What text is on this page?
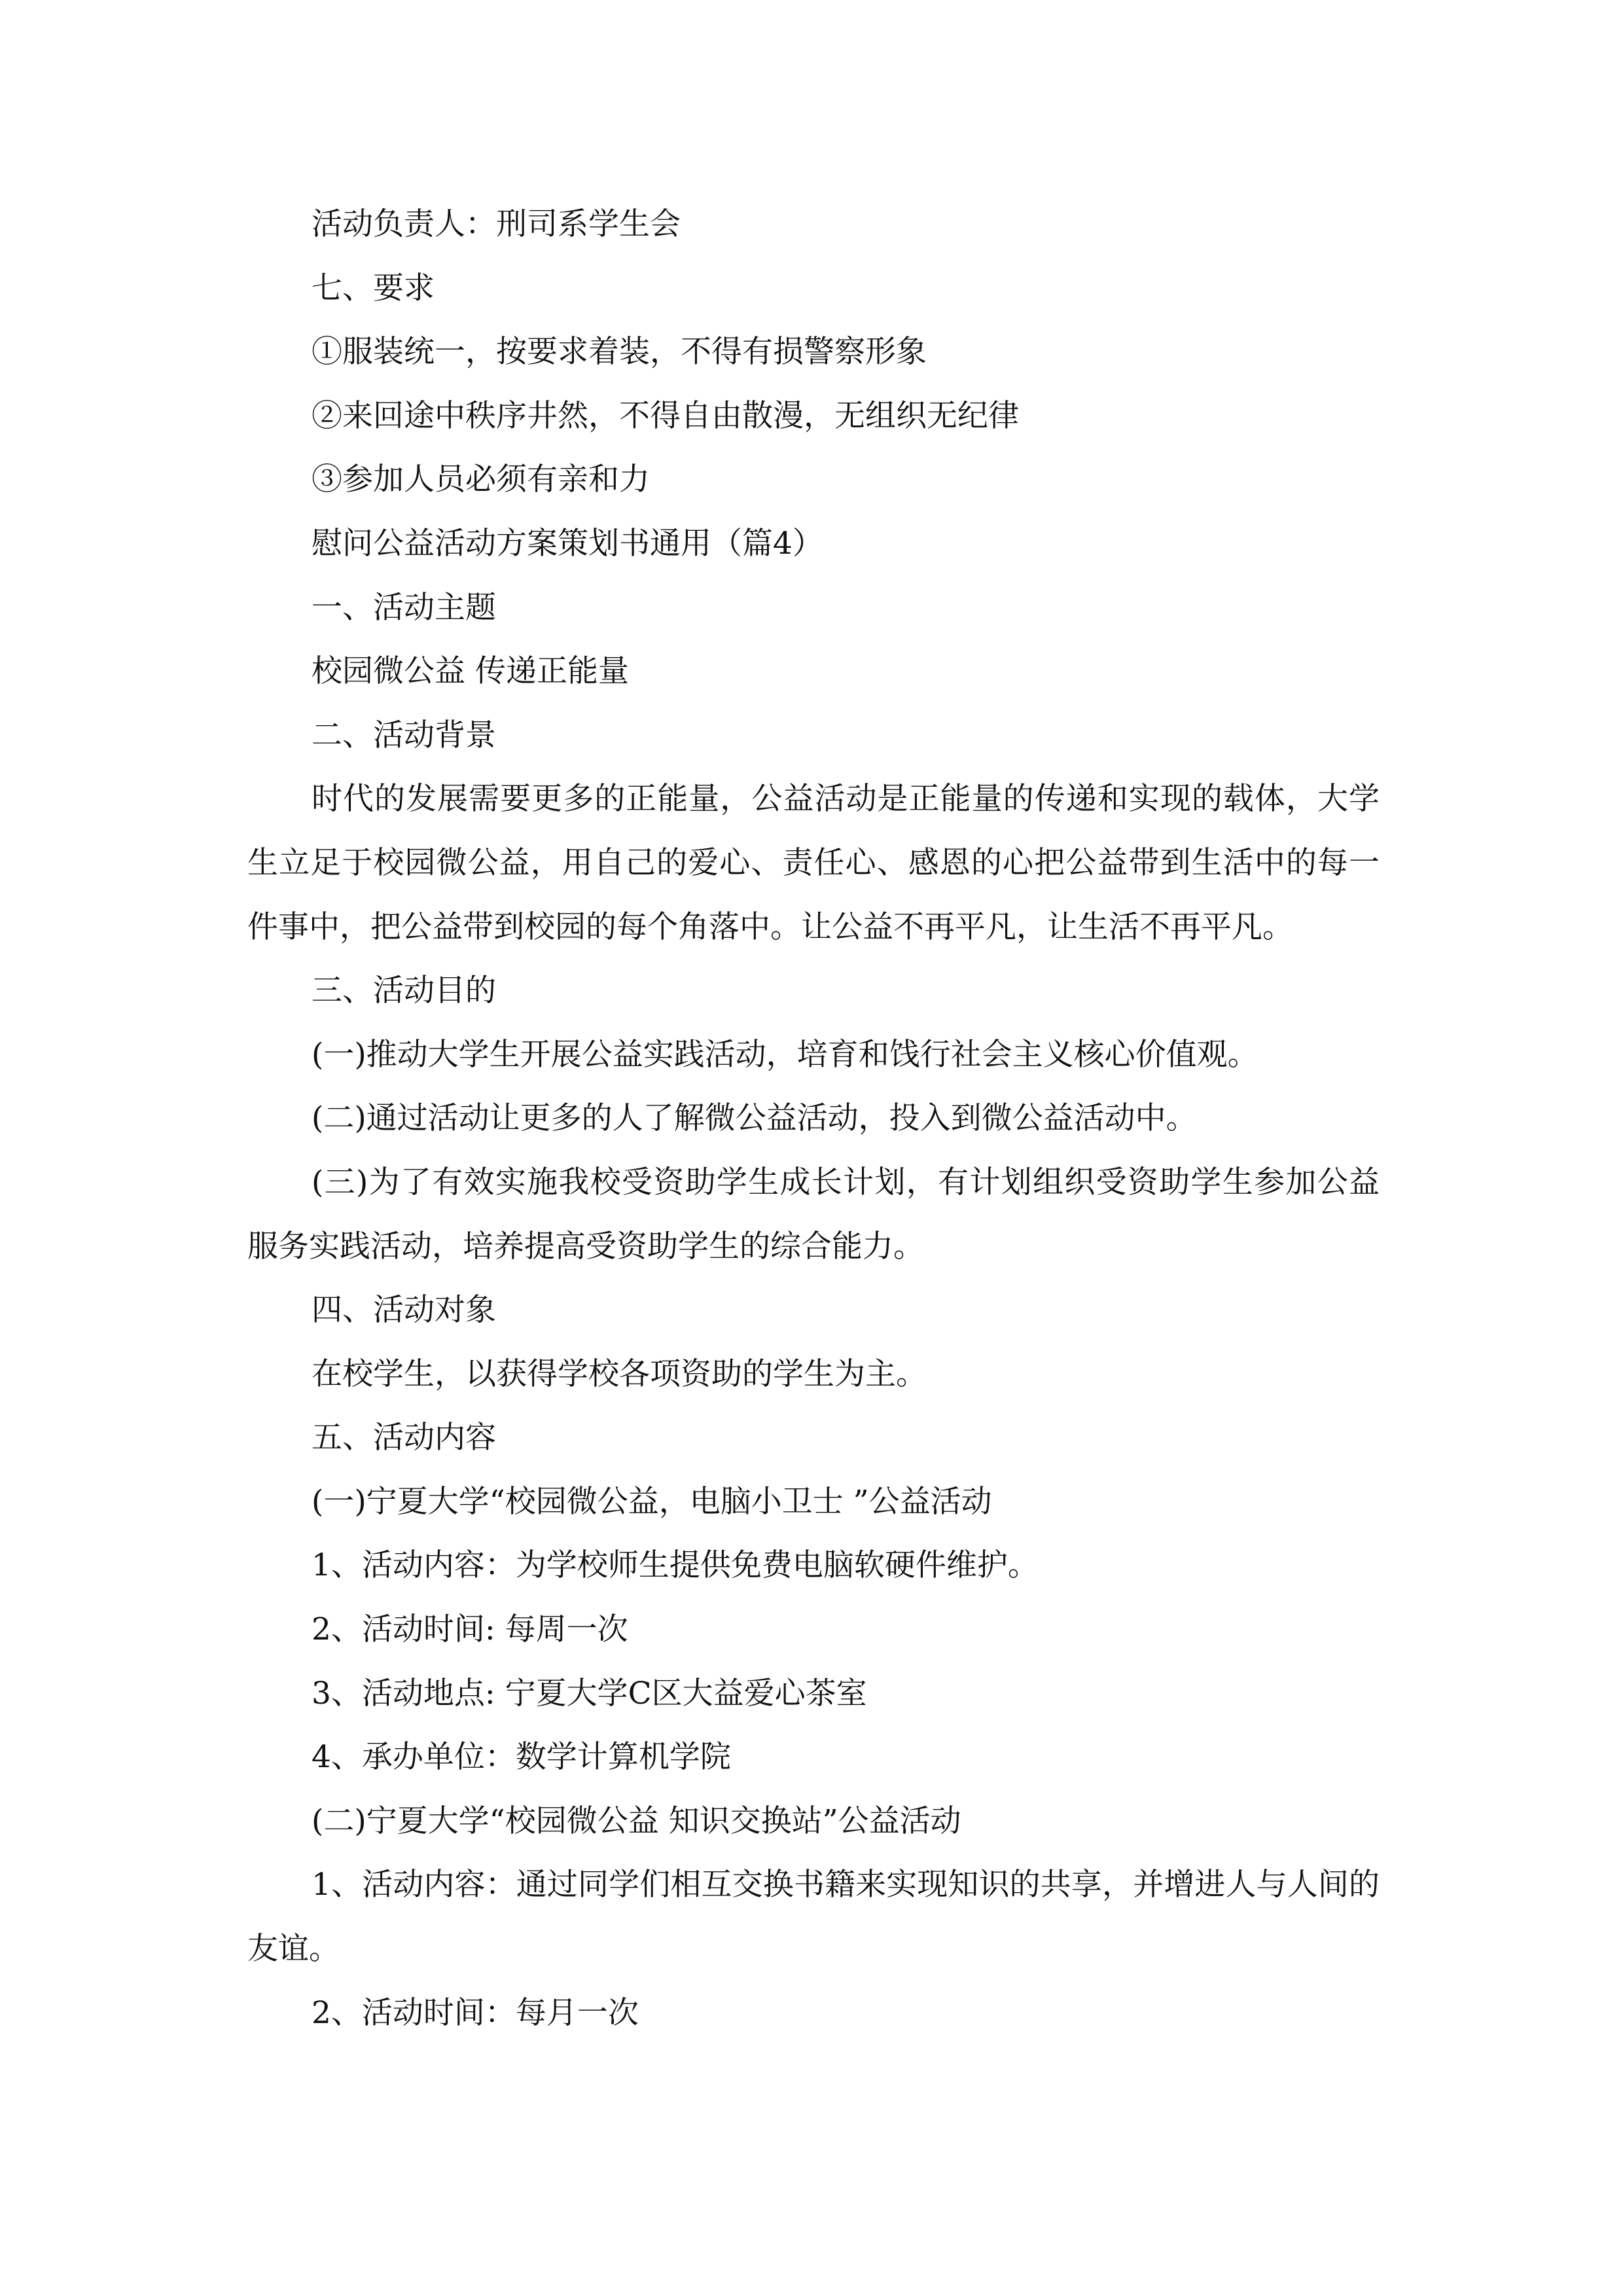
活动负责人：刑司系学生会

七、要求

①服装统一，按要求着装，不得有损警察形象

②来回途中秩序井然，不得自由散漫，无组织无纪律

③参加人员必须有亲和力

慰问公益活动方案策划书通用（篇4）

一、活动主题

校园微公益 传递正能量

二、活动背景

时代的发展需要更多的正能量，公益活动是正能量的传递和实现的载体，大学生立足于校园微公益，用自己的爱心、责任心、感恩的心把公益带到生活中的每一件事中，把公益带到校园的每个角落中。让公益不再平凡，让生活不再平凡。

三、活动目的

(一)推动大学生开展公益实践活动，培育和饯行社会主义核心价值观。

(二)通过活动让更多的人了解微公益活动，投入到微公益活动中。

(三)为了有效实施我校受资助学生成长计划，有计划组织受资助学生参加公益服务实践活动，培养提高受资助学生的综合能力。

四、活动对象

在校学生，以获得学校各项资助的学生为主。

五、活动内容

(一)宁夏大学“校园微公益，电脑小卫士 ”公益活动

1、活动内容：为学校师生提供免费电脑软硬件维护。

2、活动时间: 每周一次

3、活动地点: 宁夏大学C区大益爱心茶室

4、承办单位：数学计算机学院

(二)宁夏大学“校园微公益 知识交换站”公益活动

1、活动内容：通过同学们相互交换书籍来实现知识的共享，并增进人与人间的友谊。

2、活动时间：每月一次
